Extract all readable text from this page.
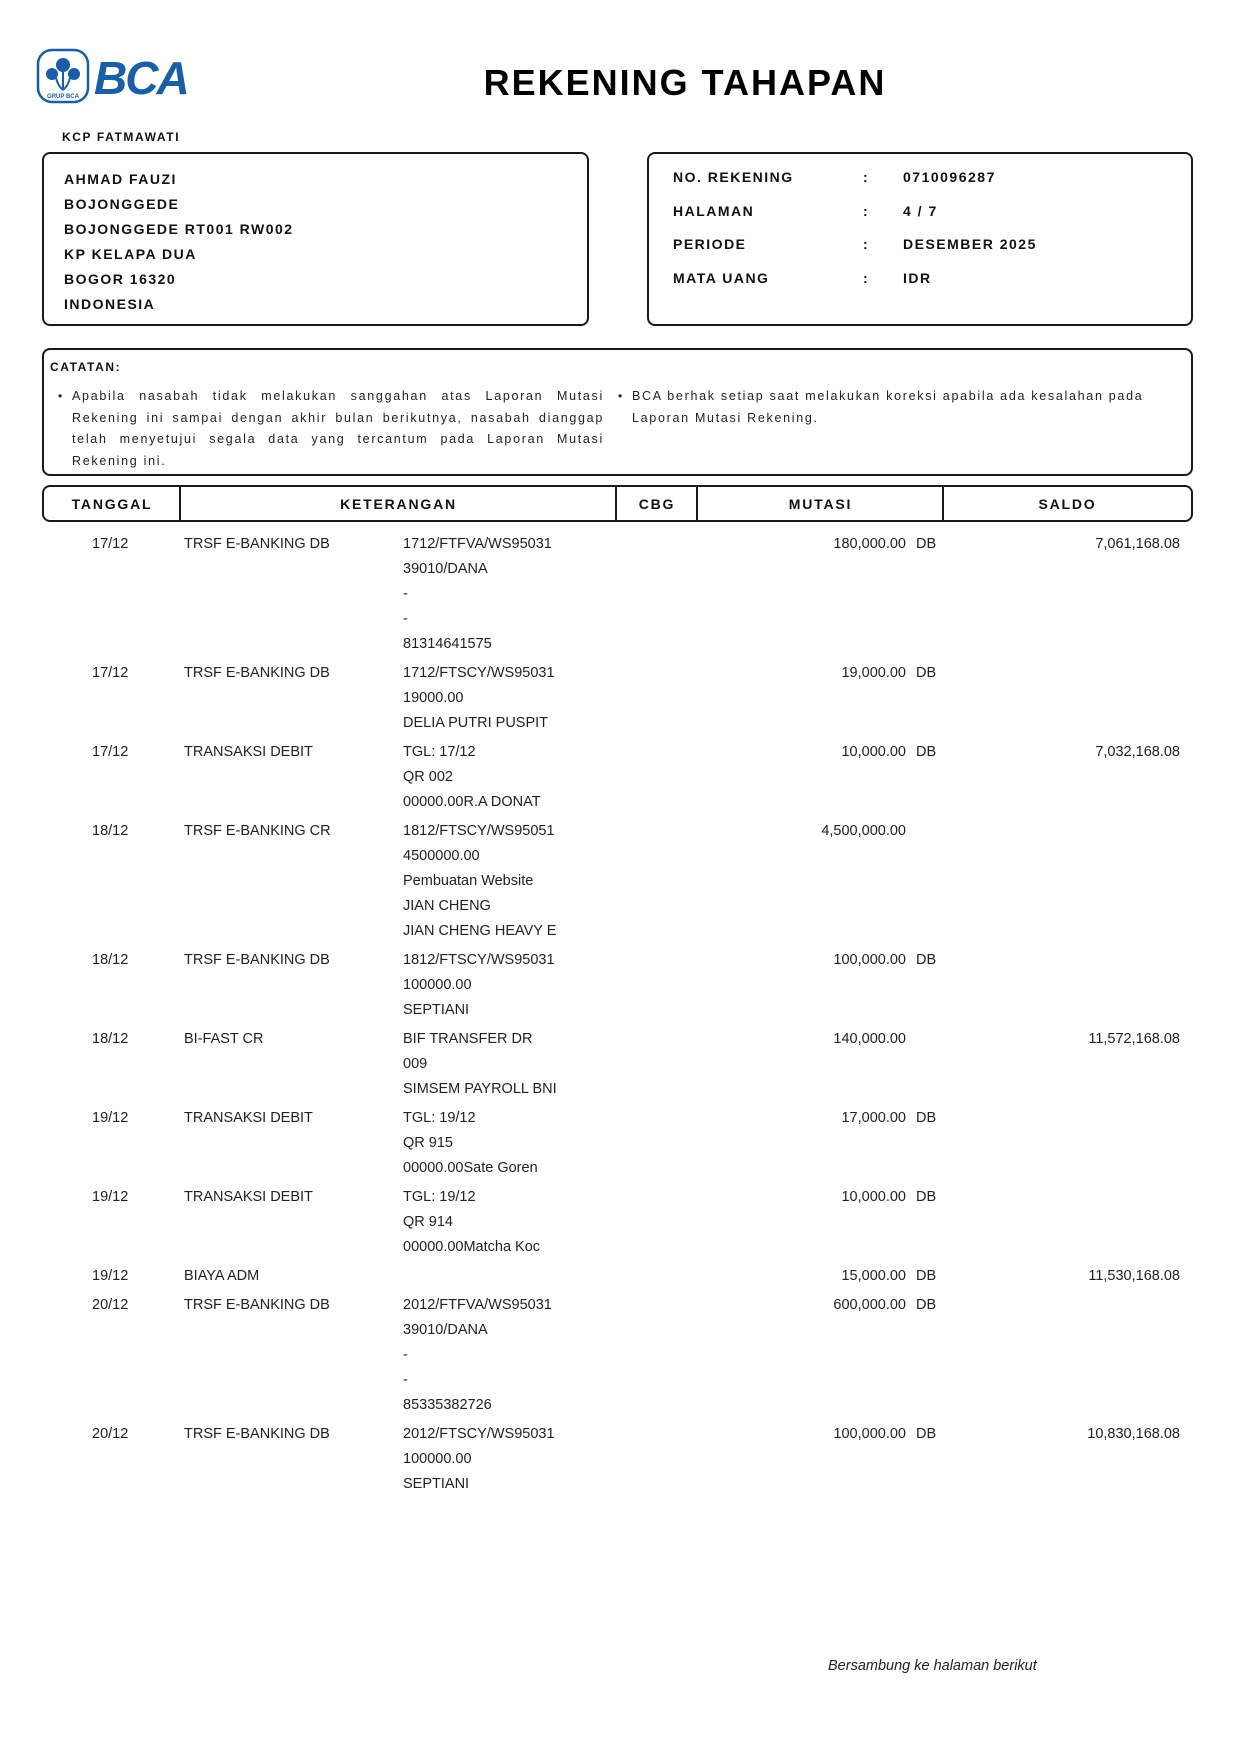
GRUP BCA BCA	REKENING TAHAPAN
KCP FATMAWATI
AHMAD FAUZI
BOJONGGEDE
BOJONGGEDE RT001 RW002
KP KELAPA DUA
BOGOR 16320
INDONESIA
NO. REKENING	:	0710096287
HALAMAN	:	4 / 7
PERIODE	:	DESEMBER 2025
MATA UANG	:	IDR
CATATAN:
• Apabila nasabah tidak melakukan sanggahan atas Laporan Mutasi Rekening ini sampai dengan akhir bulan berikutnya, nasabah dianggap telah menyetujui segala data yang tercantum pada Laporan Mutasi Rekening ini.
• BCA berhak setiap saat melakukan koreksi apabila ada kesalahan pada Laporan Mutasi Rekening.
TANGGAL	KETERANGAN	CBG	MUTASI	SALDO
17/12	TRSF E-BANKING DB	1712/FTFVA/WS95031
39010/DANA
-
-
81314641575
180,000.00 DB	7,061,168.08
17/12	TRSF E-BANKING DB	1712/FTSCY/WS95031
19000.00
DELIA PUTRI PUSPIT
19,000.00 DB
17/12	TRANSAKSI DEBIT	TGL: 17/12
QR 002
00000.00R.A DONAT
10,000.00 DB	7,032,168.08
18/12	TRSF E-BANKING CR	1812/FTSCY/WS95051
4500000.00
Pembuatan Website
JIAN CHENG
JIAN CHENG HEAVY E
4,500,000.00
18/12	TRSF E-BANKING DB	1812/FTSCY/WS95031
100000.00
SEPTIANI
100,000.00 DB
18/12	BI-FAST CR	BIF TRANSFER DR
009
SIMSEM PAYROLL BNI
140,000.00	11,572,168.08
19/12	TRANSAKSI DEBIT	TGL: 19/12
QR 915
00000.00Sate Goren
17,000.00 DB
19/12	TRANSAKSI DEBIT	TGL: 19/12
QR 914
00000.00Matcha Koc
10,000.00 DB
19/12	BIAYA ADM	15,000.00 DB	11,530,168.08
20/12	TRSF E-BANKING DB	2012/FTFVA/WS95031
39010/DANA
-
-
85335382726
600,000.00 DB
20/12	TRSF E-BANKING DB	2012/FTSCY/WS95031
100000.00
SEPTIANI
100,000.00 DB	10,830,168.08
Bersambung ke halaman berikut
